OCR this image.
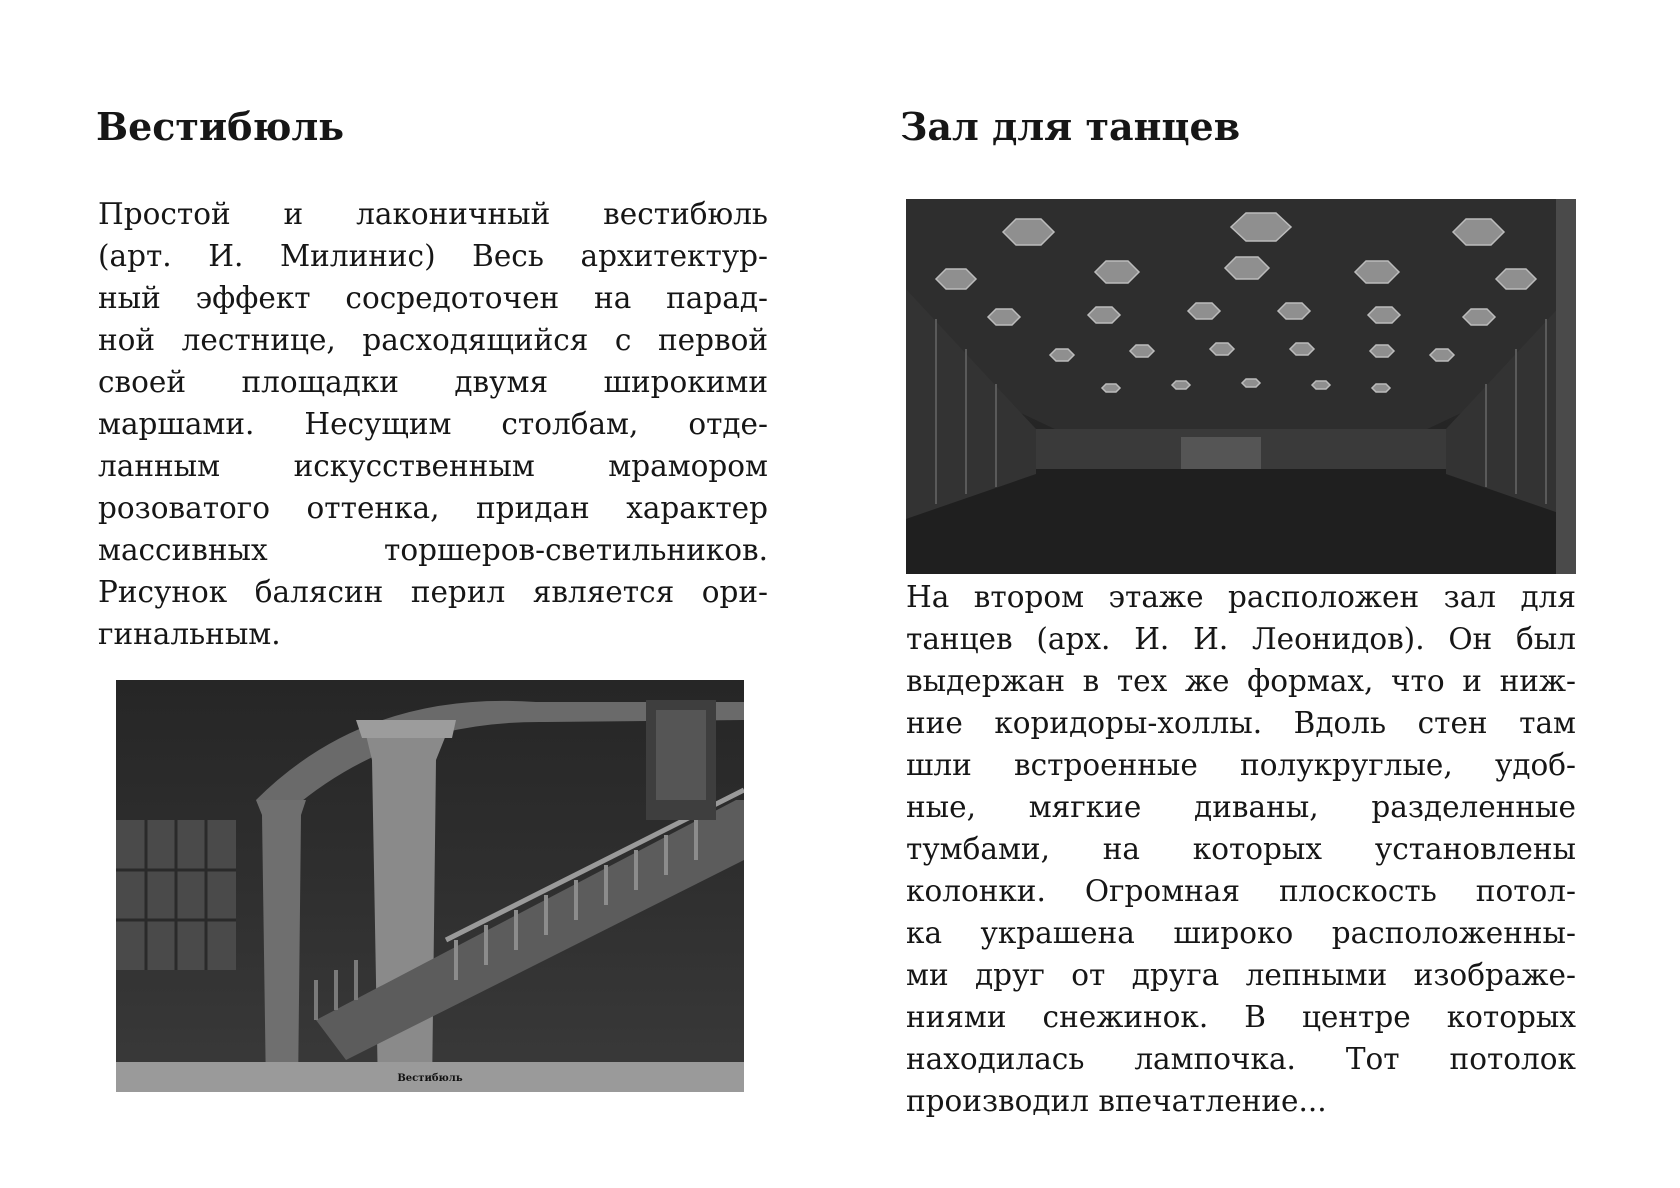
Вестибюль
Простой и лаконичный вестибюль
(арт. И. Милинис) Весь архитектур-
ный эффект сосредоточен на парад-
ной лестнице, расходящийся с первой
своей площадки двумя широкими
маршами. Несущим столбам, отде-
ланным искусственным мрамором
розоватого оттенка, придан характер
массивных торшеров-светильников.
Рисунок балясин перил является ори-
гинальным.
Вестибюль
Зал для танцев
На втором этаже расположен зал для
танцев (арх. И. И. Леонидов). Он был
выдержан в тех же формах, что и ниж-
ние коридоры-холлы. Вдоль стен там
шли встроенные полукруглые, удоб-
ные, мягкие диваны, разделенные
тумбами, на которых установлены
колонки. Огромная плоскость потол-
ка украшена широко расположенны-
ми друг от друга лепными изображе-
ниями снежинок. В центре которых
находилась лампочка. Тот потолок
производил впечатление...
